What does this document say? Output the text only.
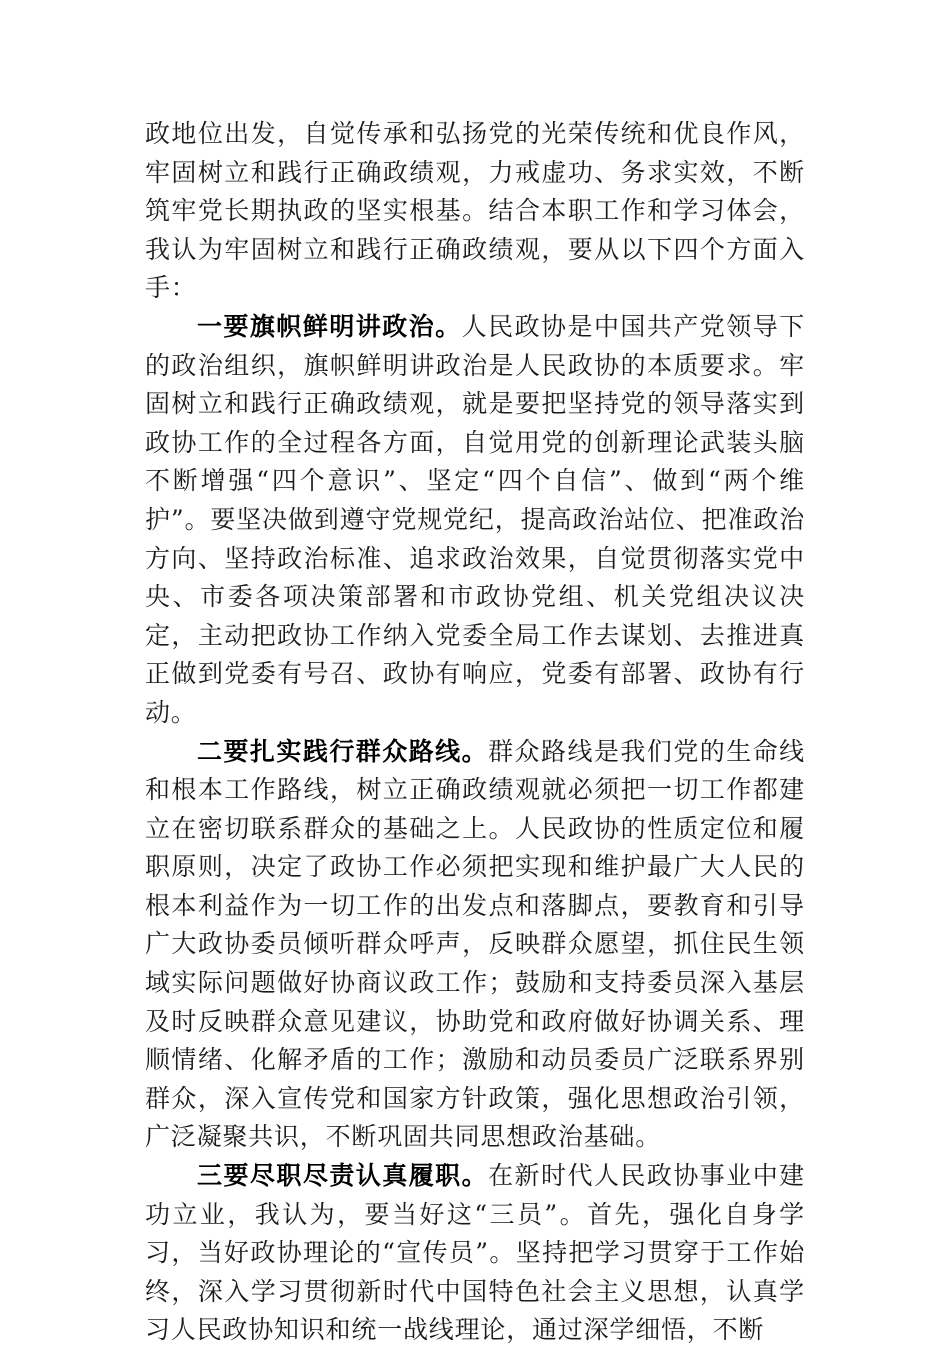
政地位出发，自觉传承和弘扬党的光荣传统和优良作风，牢固树立和践行正确政绩观，力戒虚功、务求实效，不断筑牢党长期执政的坚实根基。结合本职工作和学习体会，我认为牢固树立和践行正确政绩观，要从以下四个方面入手：

一要旗帜鲜明讲政治。人民政协是中国共产党领导下的政治组织，旗帜鲜明讲政治是人民政协的本质要求。牢固树立和践行正确政绩观，就是要把坚持党的领导落实到政协工作的全过程各方面，自觉用党的创新理论武装头脑不断增强“四个意识”、坚定“四个自信”、做到“两个维护”。要坚决做到遵守党规党纪，提高政治站位、把准政治方向、坚持政治标准、追求政治效果，自觉贯彻落实党中央、市委各项决策部署和市政协党组、机关党组决议决定，主动把政协工作纳入党委全局工作去谋划、去推进真正做到党委有号召、政协有响应，党委有部署、政协有行动。

二要扎实践行群众路线。群众路线是我们党的生命线和根本工作路线，树立正确政绩观就必须把一切工作都建立在密切联系群众的基础之上。人民政协的性质定位和履职原则，决定了政协工作必须把实现和维护最广大人民的根本利益作为一切工作的出发点和落脚点，要教育和引导广大政协委员倾听群众呼声，反映群众愿望，抓住民生领域实际问题做好协商议政工作；鼓励和支持委员深入基层及时反映群众意见建议，协助党和政府做好协调关系、理顺情绪、化解矛盾的工作；激励和动员委员广泛联系界别群众，深入宣传党和国家方针政策，强化思想政治引领，广泛凝聚共识，不断巩固共同思想政治基础。

三要尽职尽责认真履职。在新时代人民政协事业中建功立业，我认为，要当好这“三员”。首先，强化自身学习，当好政协理论的“宣传员”。坚持把学习贯穿于工作始终，深入学习贯彻新时代中国特色社会主义思想，认真学习人民政协知识和统一战线理论，通过深学细悟，不断
